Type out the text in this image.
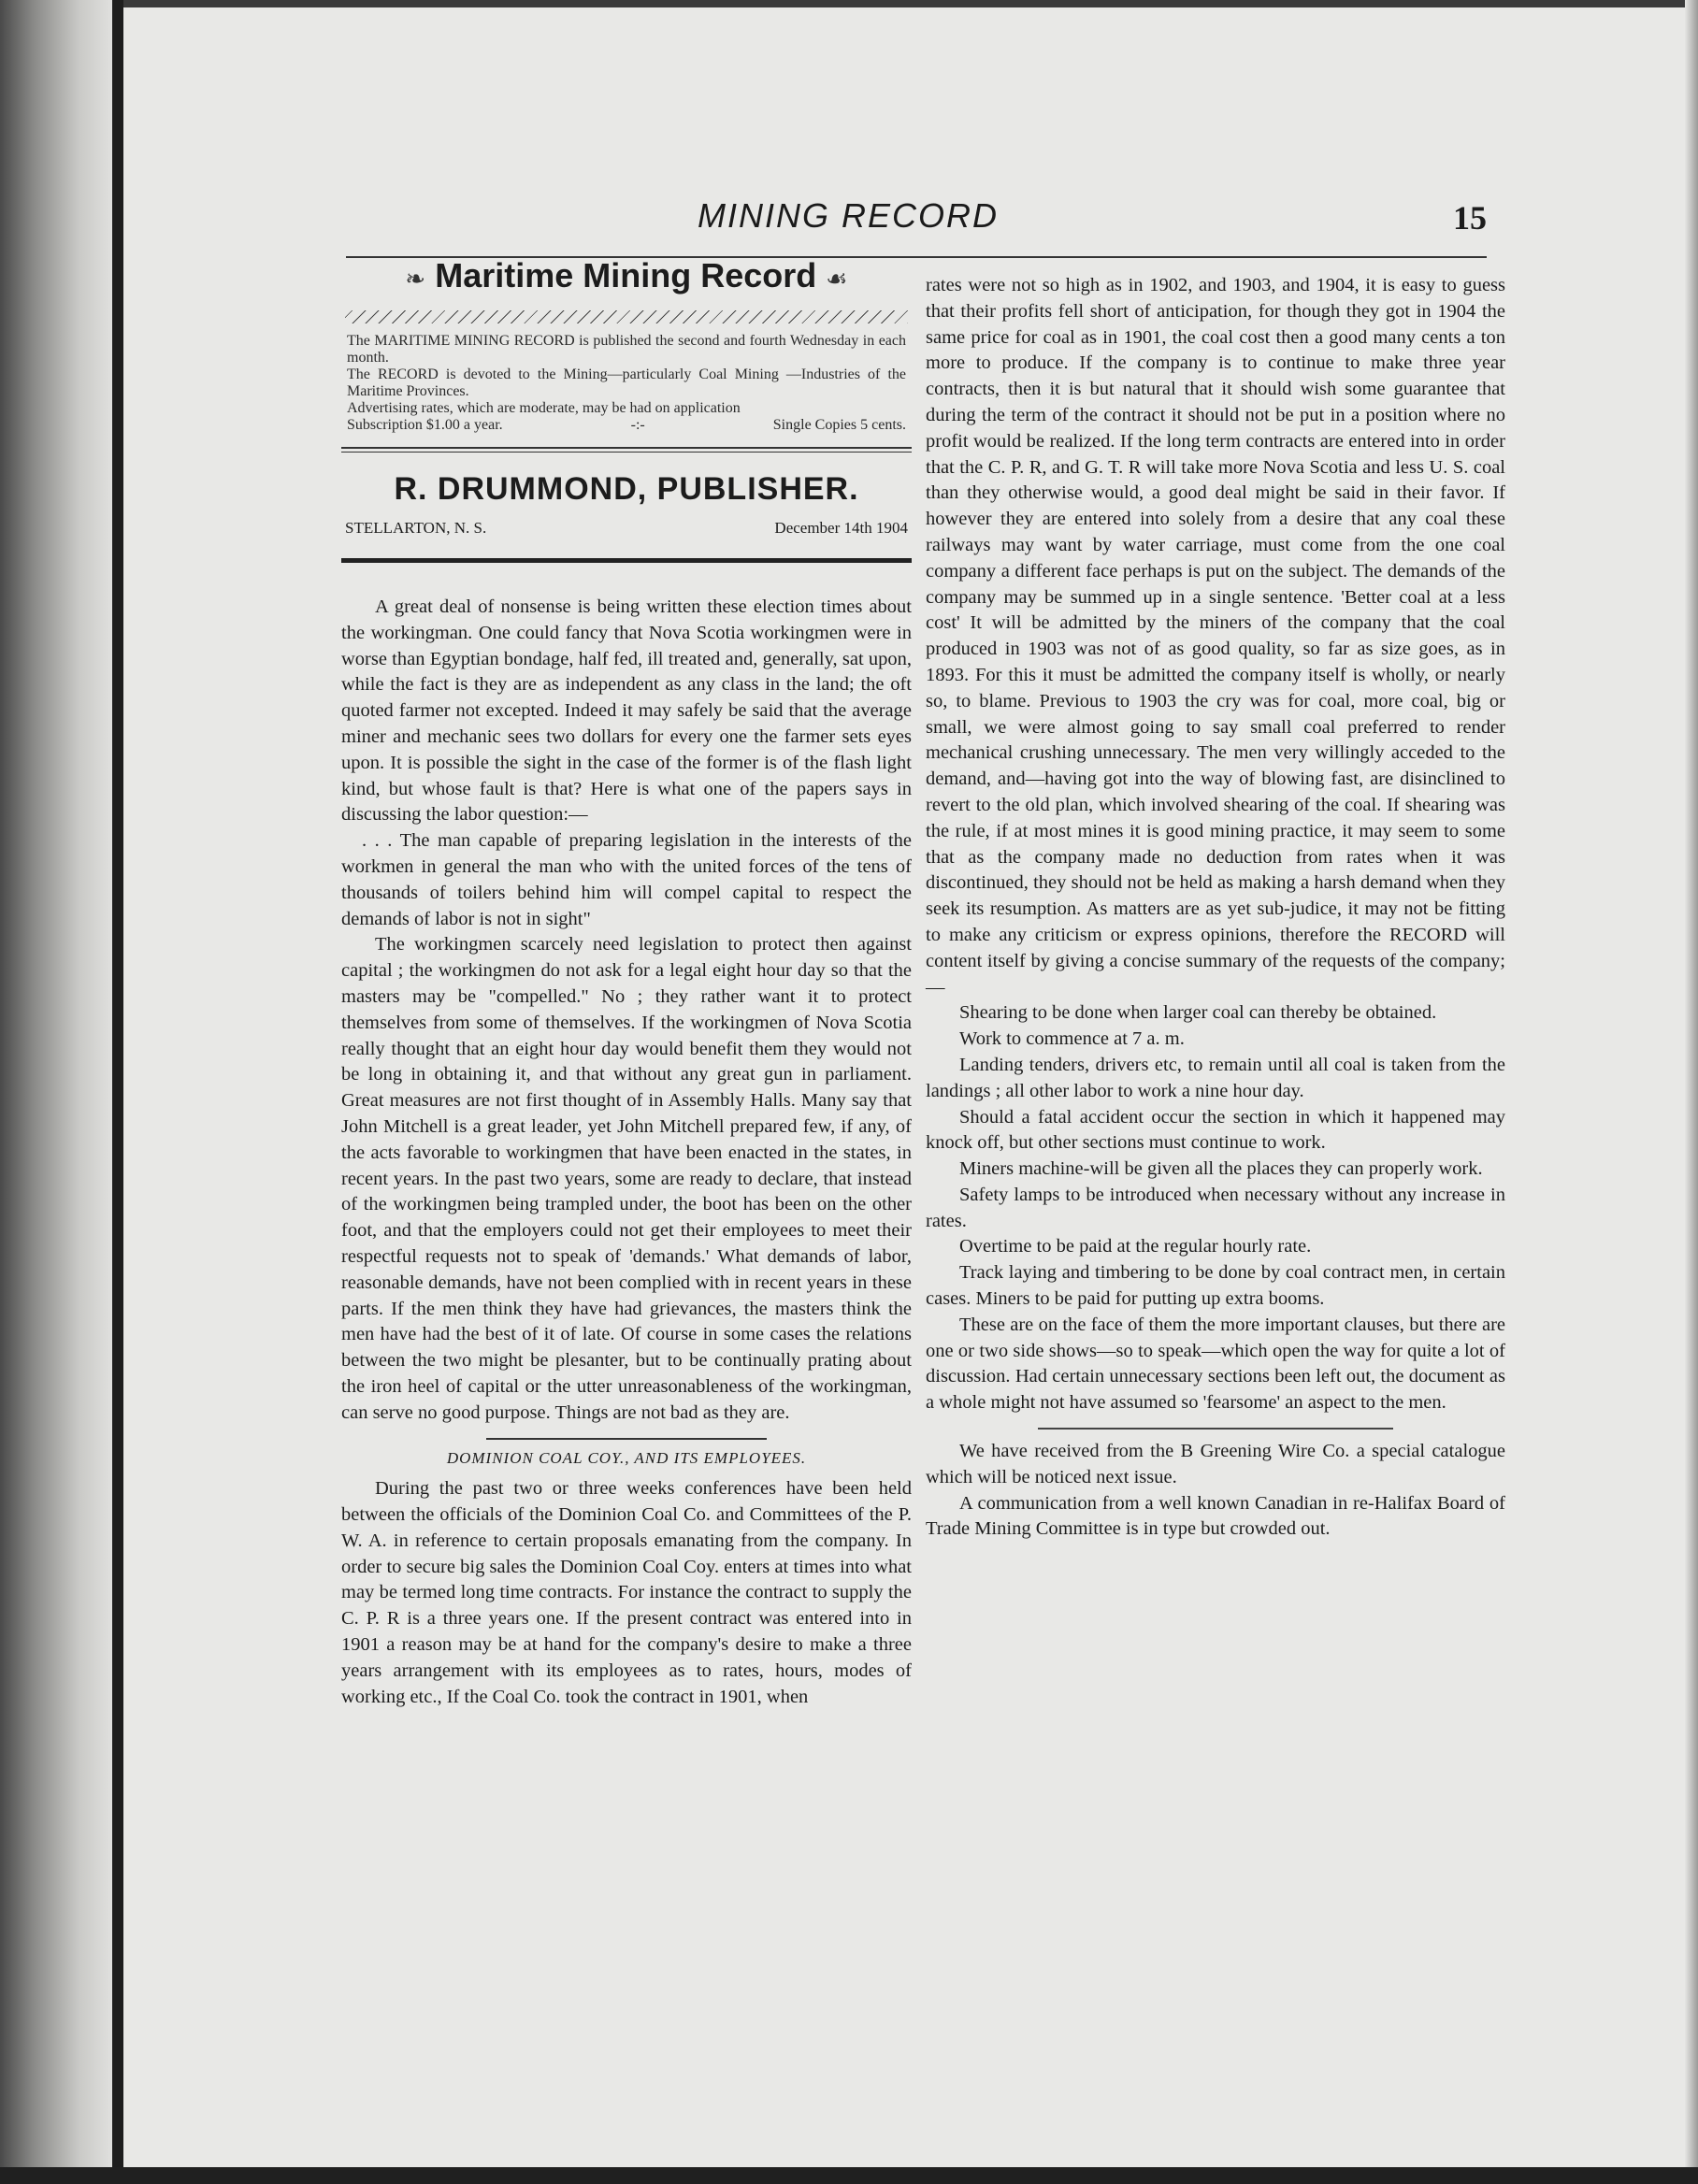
MINING RECORD	15
❧ Maritime Mining Record ☙

The MARITIME MINING RECORD is published the second and fourth Wednesday in each month.

The RECORD is devoted to the Mining—particularly Coal Mining —Industries of the Maritime Provinces.

Advertising rates, which are moderate, may be had on application

Subscription $1.00 a year.	-:-	Single Copies 5 cents.
R. DRUMMOND, PUBLISHER.
STELLARTON, N. S.	December 14th 1904

A great deal of nonsense is being written these election times about the workingman. One could fancy that Nova Scotia workingmen were in worse than Egyptian bondage, half fed, ill treated and, generally, sat upon, while the fact is they are as independent as any class in the land; the oft quoted farmer not excepted. Indeed it may safely be said that the average miner and mechanic sees two dollars for every one the farmer sets eyes upon. It is possible the sight in the case of the former is of the flash light kind, but whose fault is that? Here is what one of the papers says in discussing the labor question:—

. . . The man capable of preparing legislation in the interests of the workmen in general the man who with the united forces of the tens of thousands of toilers behind him will compel capital to respect the demands of labor is not in sight"

The workingmen scarcely need legislation to protect then against capital ; the workingmen do not ask for a legal eight hour day so that the masters may be "compelled." No ; they rather want it to protect themselves from some of themselves. If the workingmen of Nova Scotia really thought that an eight hour day would benefit them they would not be long in obtaining it, and that without any great gun in parliament. Great measures are not first thought of in Assembly Halls. Many say that John Mitchell is a great leader, yet John Mitchell prepared few, if any, of the acts favorable to workingmen that have been enacted in the states, in recent years. In the past two years, some are ready to declare, that instead of the workingmen being trampled under, the boot has been on the other foot, and that the employers could not get their employees to meet their respectful requests not to speak of 'demands.' What demands of labor, reasonable demands, have not been complied with in recent years in these parts. If the men think they have had grievances, the masters think the men have had the best of it of late. Of course in some cases the relations between the two might be plesanter, but to be continually prating about the iron heel of capital or the utter unreasonableness of the workingman, can serve no good purpose. Things are not bad as they are.

DOMINION COAL COY., AND ITS EMPLOYEES.

During the past two or three weeks conferences have been held between the officials of the Dominion Coal Co. and Committees of the P. W. A. in reference to certain proposals emanating from the company. In order to secure big sales the Dominion Coal Coy. enters at times into what may be termed long time contracts. For instance the contract to supply the C. P. R is a three years one. If the present contract was entered into in 1901 a reason may be at hand for the company's desire to make a three years arrangement with its employees as to rates, hours, modes of working etc., If the Coal Co. took the contract in 1901, when

rates were not so high as in 1902, and 1903, and 1904, it is easy to guess that their profits fell short of anticipation, for though they got in 1904 the same price for coal as in 1901, the coal cost then a good many cents a ton more to produce. If the company is to continue to make three year contracts, then it is but natural that it should wish some guarantee that during the term of the contract it should not be put in a position where no profit would be realized. If the long term contracts are entered into in order that the C. P. R, and G. T. R will take more Nova Scotia and less U. S. coal than they otherwise would, a good deal might be said in their favor. If however they are entered into solely from a desire that any coal these railways may want by water carriage, must come from the one coal company a different face perhaps is put on the subject. The demands of the company may be summed up in a single sentence. 'Better coal at a less cost' It will be admitted by the miners of the company that the coal produced in 1903 was not of as good quality, so far as size goes, as in 1893. For this it must be admitted the company itself is wholly, or nearly so, to blame. Previous to 1903 the cry was for coal, more coal, big or small, we were almost going to say small coal preferred to render mechanical crushing unnecessary. The men very willingly acceded to the demand, and—having got into the way of blowing fast, are disinclined to revert to the old plan, which involved shearing of the coal. If shearing was the rule, if at most mines it is good mining practice, it may seem to some that as the company made no deduction from rates when it was discontinued, they should not be held as making a harsh demand when they seek its resumption. As matters are as yet sub-judice, it may not be fitting to make any criticism or express opinions, therefore the RECORD will content itself by giving a concise summary of the requests of the company;—

Shearing to be done when larger coal can thereby be obtained.

Work to commence at 7 a. m.

Landing tenders, drivers etc, to remain until all coal is taken from the landings ; all other labor to work a nine hour day.

Should a fatal accident occur the section in which it happened may knock off, but other sections must continue to work.

Miners machine-will be given all the places they can properly work.

Safety lamps to be introduced when necessary without any increase in rates.

Overtime to be paid at the regular hourly rate.

Track laying and timbering to be done by coal contract men, in certain cases. Miners to be paid for putting up extra booms.

These are on the face of them the more important clauses, but there are one or two side shows—so to speak—which open the way for quite a lot of discussion. Had certain unnecessary sections been left out, the document as a whole might not have assumed so 'fearsome' an aspect to the men.

We have received from the B Greening Wire Co. a special catalogue which will be noticed next issue.

A communication from a well known Canadian in re-Halifax Board of Trade Mining Committee is in type but crowded out.
